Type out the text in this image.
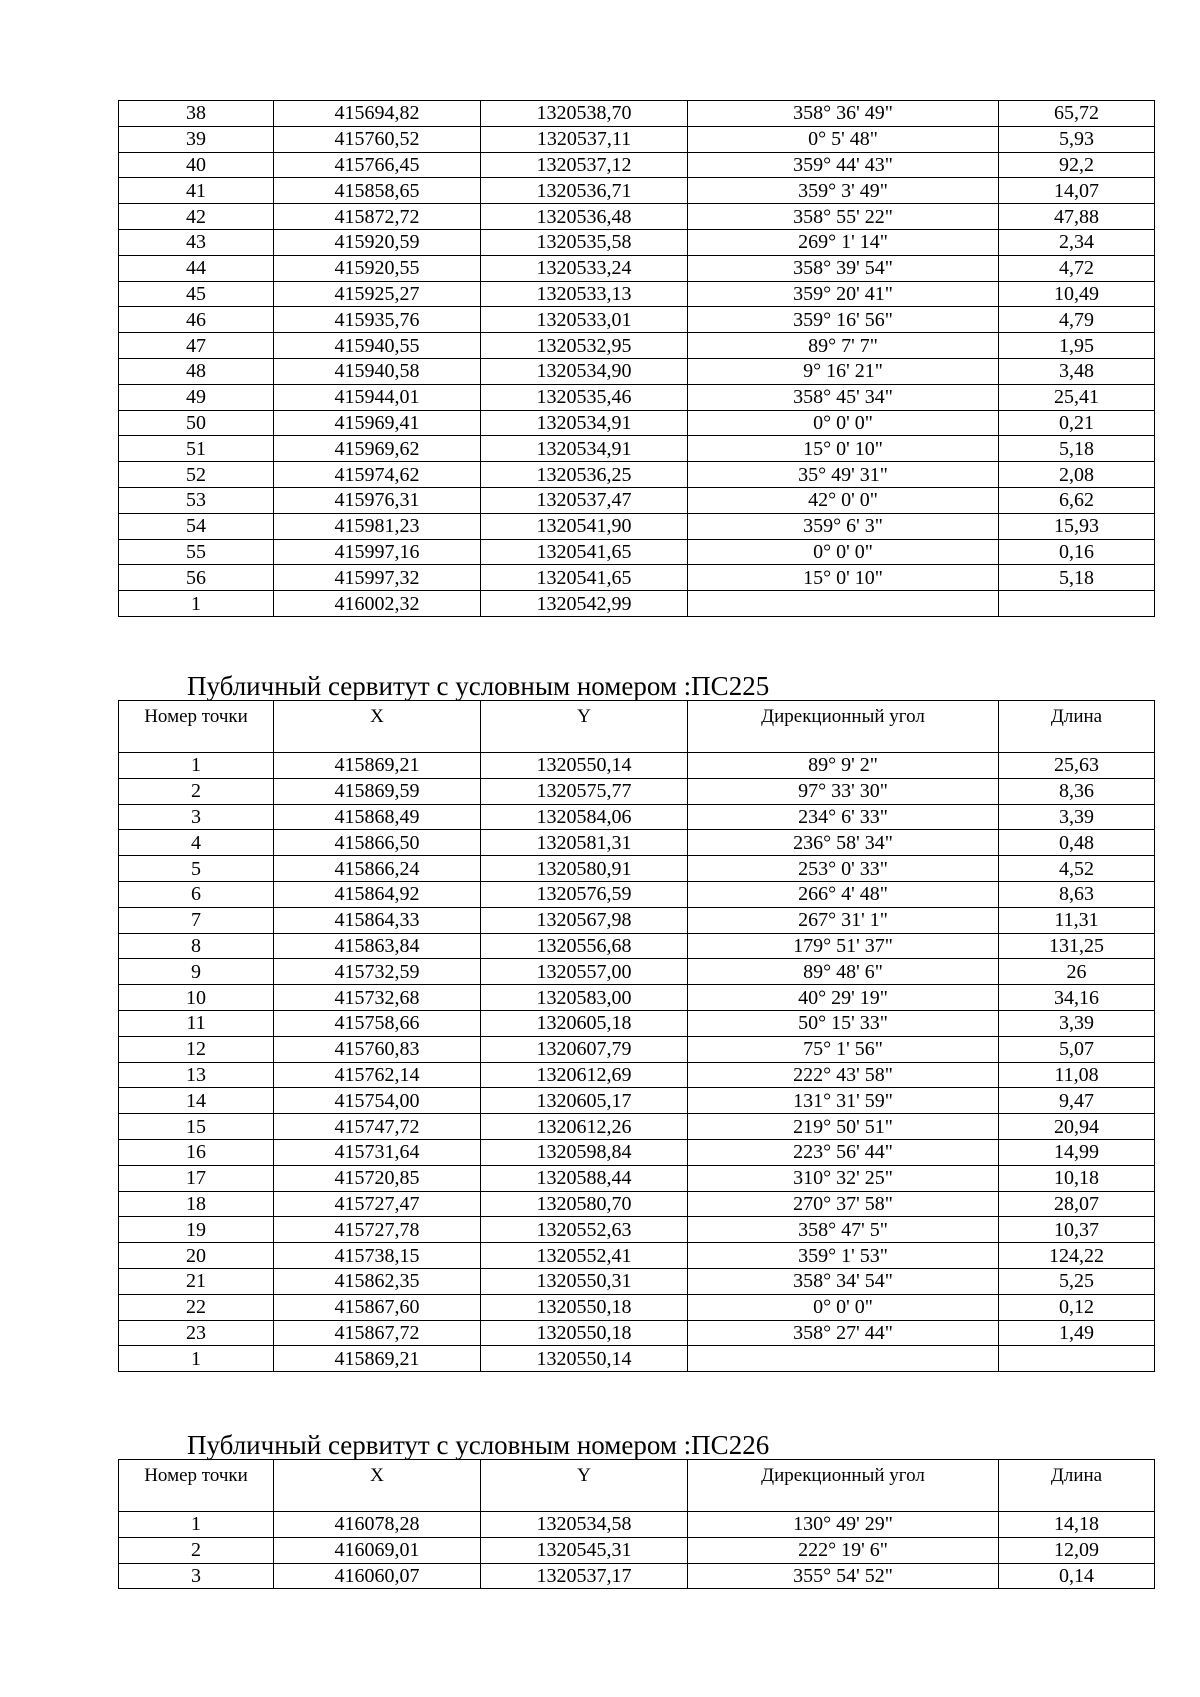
38	415694,82	1320538,70	358° 36' 49"	65,72
39	415760,52	1320537,11	0° 5' 48"	5,93
40	415766,45	1320537,12	359° 44' 43"	92,2
41	415858,65	1320536,71	359° 3' 49"	14,07
42	415872,72	1320536,48	358° 55' 22"	47,88
43	415920,59	1320535,58	269° 1' 14"	2,34
44	415920,55	1320533,24	358° 39' 54"	4,72
45	415925,27	1320533,13	359° 20' 41"	10,49
46	415935,76	1320533,01	359° 16' 56"	4,79
47	415940,55	1320532,95	89° 7' 7"	1,95
48	415940,58	1320534,90	9° 16' 21"	3,48
49	415944,01	1320535,46	358° 45' 34"	25,41
50	415969,41	1320534,91	0° 0' 0"	0,21
51	415969,62	1320534,91	15° 0' 10"	5,18
52	415974,62	1320536,25	35° 49' 31"	2,08
53	415976,31	1320537,47	42° 0' 0"	6,62
54	415981,23	1320541,90	359° 6' 3"	15,93
55	415997,16	1320541,65	0° 0' 0"	0,16
56	415997,32	1320541,65	15° 0' 10"	5,18
1	416002,32	1320542,99		
Публичный сервитут с условным номером :ПС225
Номер точки	X	Y	Дирекционный угол	Длина
1	415869,21	1320550,14	89° 9' 2"	25,63
2	415869,59	1320575,77	97° 33' 30"	8,36
3	415868,49	1320584,06	234° 6' 33"	3,39
4	415866,50	1320581,31	236° 58' 34"	0,48
5	415866,24	1320580,91	253° 0' 33"	4,52
6	415864,92	1320576,59	266° 4' 48"	8,63
7	415864,33	1320567,98	267° 31' 1"	11,31
8	415863,84	1320556,68	179° 51' 37"	131,25
9	415732,59	1320557,00	89° 48' 6"	26
10	415732,68	1320583,00	40° 29' 19"	34,16
11	415758,66	1320605,18	50° 15' 33"	3,39
12	415760,83	1320607,79	75° 1' 56"	5,07
13	415762,14	1320612,69	222° 43' 58"	11,08
14	415754,00	1320605,17	131° 31' 59"	9,47
15	415747,72	1320612,26	219° 50' 51"	20,94
16	415731,64	1320598,84	223° 56' 44"	14,99
17	415720,85	1320588,44	310° 32' 25"	10,18
18	415727,47	1320580,70	270° 37' 58"	28,07
19	415727,78	1320552,63	358° 47' 5"	10,37
20	415738,15	1320552,41	359° 1' 53"	124,22
21	415862,35	1320550,31	358° 34' 54"	5,25
22	415867,60	1320550,18	0° 0' 0"	0,12
23	415867,72	1320550,18	358° 27' 44"	1,49
1	415869,21	1320550,14		
Публичный сервитут с условным номером :ПС226
Номер точки	X	Y	Дирекционный угол	Длина
1	416078,28	1320534,58	130° 49' 29"	14,18
2	416069,01	1320545,31	222° 19' 6"	12,09
3	416060,07	1320537,17	355° 54' 52"	0,14
